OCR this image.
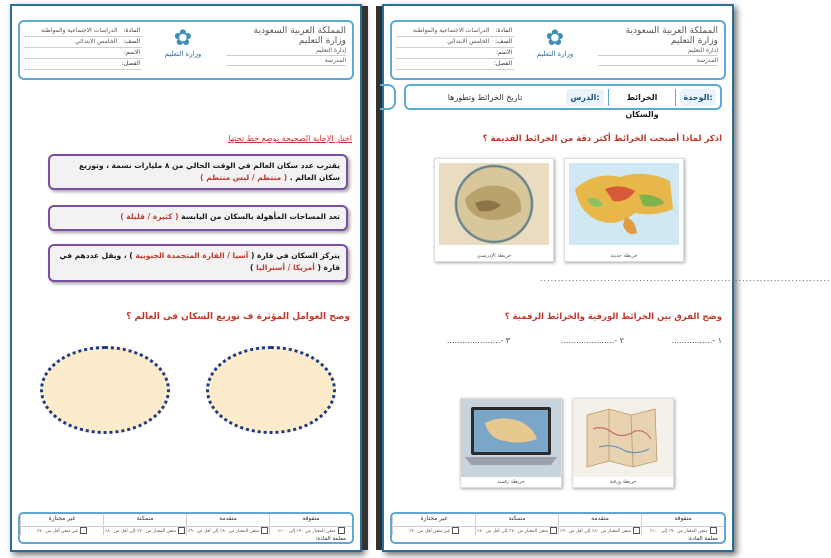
المادة: الدراسات الاجتماعية والمواطنة
الصف: الخامس الابتدائي
الاسم:
الفصل:
✿
وزارة التعليم
المملكة العربية السعودية
وزارة التعليم
إدارة التعليم
المدرسة
اختار الإجابة الصحيحة بوضع خط تحتها
يقترب عدد سكان العالم في الوقت الحالي من ٨ مليارات نسمة ، وتوزيع سكان العالم . ( منتظم / ليس منتظم )
تعد المساحات المأهولة بالسكان من اليابسة ( كثيرة / قليلة )
يتركز السكان في قارة ( آسيا / القارة المتجمدة الجنوبية ) ، ويقل عددهم في قارة ( أمريكا / أستراليا )
وضح العوامل المؤثرة ف توزيع السكان فى العالم ؟
متفوقة
متقدمة
متمكنة
غير مجتازة
متقن المعيار من ٩٠٪ إلى ١٠٠٪
متقن المعيار من ٨٠٪ إلى أقل من ٩٠٪
متقن المعيار من ٧٠٪ إلى أقل من ٨٠٪
غير متقن أقل من ٧٠٪
معلمة المادة:
المادة: الدراسات الاجتماعية والمواطنة
الصف: الخامس الابتدائي
الاسم:
الفصل:
✿
وزارة التعليم
المملكة العربية السعودية
وزارة التعليم
إدارة التعليم
المدرسة
الوحدة:
الخرائط والسكان
الدرس:
تاريخ الخرائط وتطورها
اذكر لماذا أصبحت الخرائط أكثر دقة من الخرائط القديمة ؟
خريطة حديثة
خريطة الإدريسي
..................................................................................
وضح الفرق بين الخرائط الورقية والخرائط الرقمية ؟
١ -................
٢ -.....................
٣ -.....................
خريطة ورقية
خريطة رقمية
متفوقة
متقدمة
متمكنة
غير مجتازة
متقن المعيار من ٩٠٪ إلى ١٠٠٪
متقن المعيار من ٨٠٪ إلى أقل من ٩٠٪
متقن المعيار من ٧٠٪ إلى أقل من ٨٠٪
غير متقن أقل من ٧٠٪
معلمة المادة:
